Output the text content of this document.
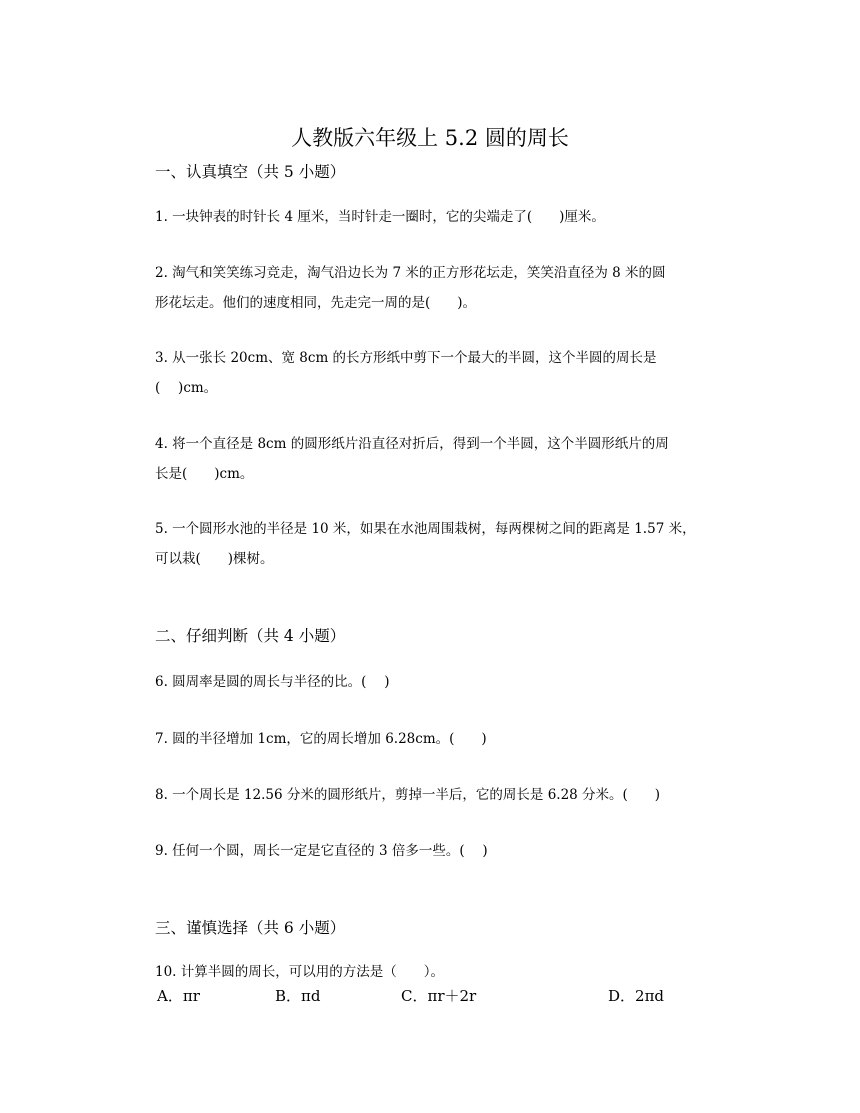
人教版六年级上 5.2 圆的周长
一、认真填空（共 5 小题）

1. 一块钟表的时针长 4 厘米，当时针走一圈时，它的尖端走了(　　)厘米。

2. 淘气和笑笑练习竞走，淘气沿边长为 7 米的正方形花坛走，笑笑沿直径为 8 米的圆

形花坛走。他们的速度相同，先走完一周的是(　　)。

3. 从一张长 20cm、宽 8cm 的长方形纸中剪下一个最大的半圆，这个半圆的周长是

(　 )cm。

4. 将一个直径是 8cm 的圆形纸片沿直径对折后，得到一个半圆，这个半圆形纸片的周

长是(　　)cm。

5. 一个圆形水池的半径是 10 米，如果在水池周围栽树，每两棵树之间的距离是 1.57 米，

可以栽(　　)棵树。

二、仔细判断（共 4 小题）

6. 圆周率是圆的周长与半径的比。(　 )

7. 圆的半径增加 1cm，它的周长增加 6.28cm。(　　)

8. 一个周长是 12.56 分米的圆形纸片，剪掉一半后，它的周长是 6.28 分米。(　　)

9. 任何一个圆，周长一定是它直径的 3 倍多一些。(　 )

三、谨慎选择（共 6 小题）

10. 计算半圆的周长，可以用的方法是（　　）。

A．πr	B．πd	C．πr＋2r	D．2πd
